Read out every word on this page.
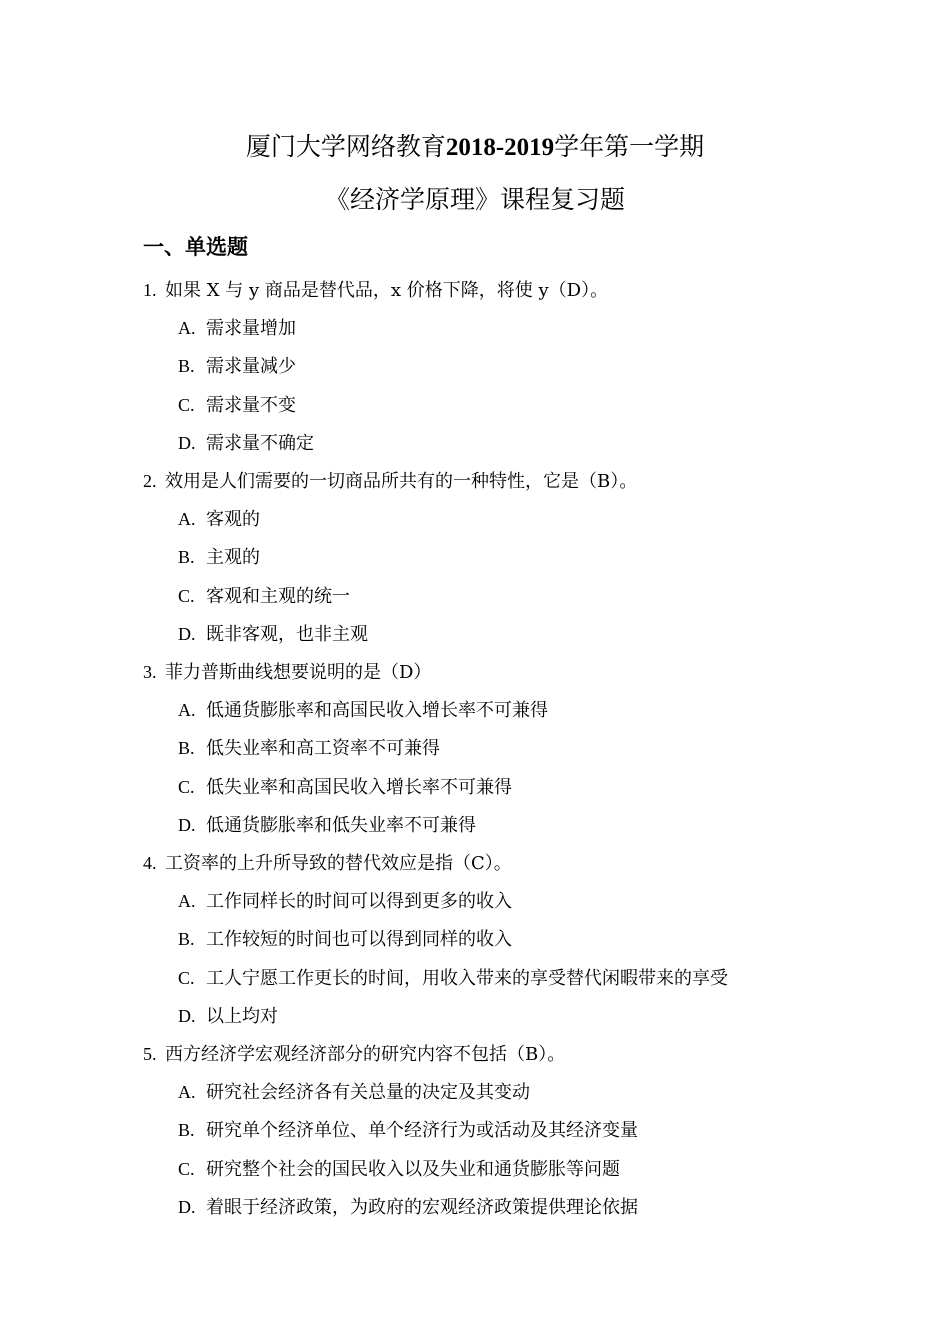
厦门大学网络教育2018-2019学年第一学期
《经济学原理》课程复习题
一、单选题
1. 如果 X 与 y 商品是替代品，x 价格下降，将使 y（D）。
A. 需求量增加
B. 需求量减少
C. 需求量不变
D. 需求量不确定
2. 效用是人们需要的一切商品所共有的一种特性，它是（B）。
A. 客观的
B. 主观的
C. 客观和主观的统一
D. 既非客观，也非主观
3. 菲力普斯曲线想要说明的是（D）
A. 低通货膨胀率和高国民收入增长率不可兼得
B. 低失业率和高工资率不可兼得
C. 低失业率和高国民收入增长率不可兼得
D. 低通货膨胀率和低失业率不可兼得
4. 工资率的上升所导致的替代效应是指（C）。
A. 工作同样长的时间可以得到更多的收入
B. 工作较短的时间也可以得到同样的收入
C. 工人宁愿工作更长的时间，用收入带来的享受替代闲暇带来的享受
D. 以上均对
5. 西方经济学宏观经济部分的研究内容不包括（B）。
A. 研究社会经济各有关总量的决定及其变动
B. 研究单个经济单位、单个经济行为或活动及其经济变量
C. 研究整个社会的国民收入以及失业和通货膨胀等问题
D. 着眼于经济政策，为政府的宏观经济政策提供理论依据
